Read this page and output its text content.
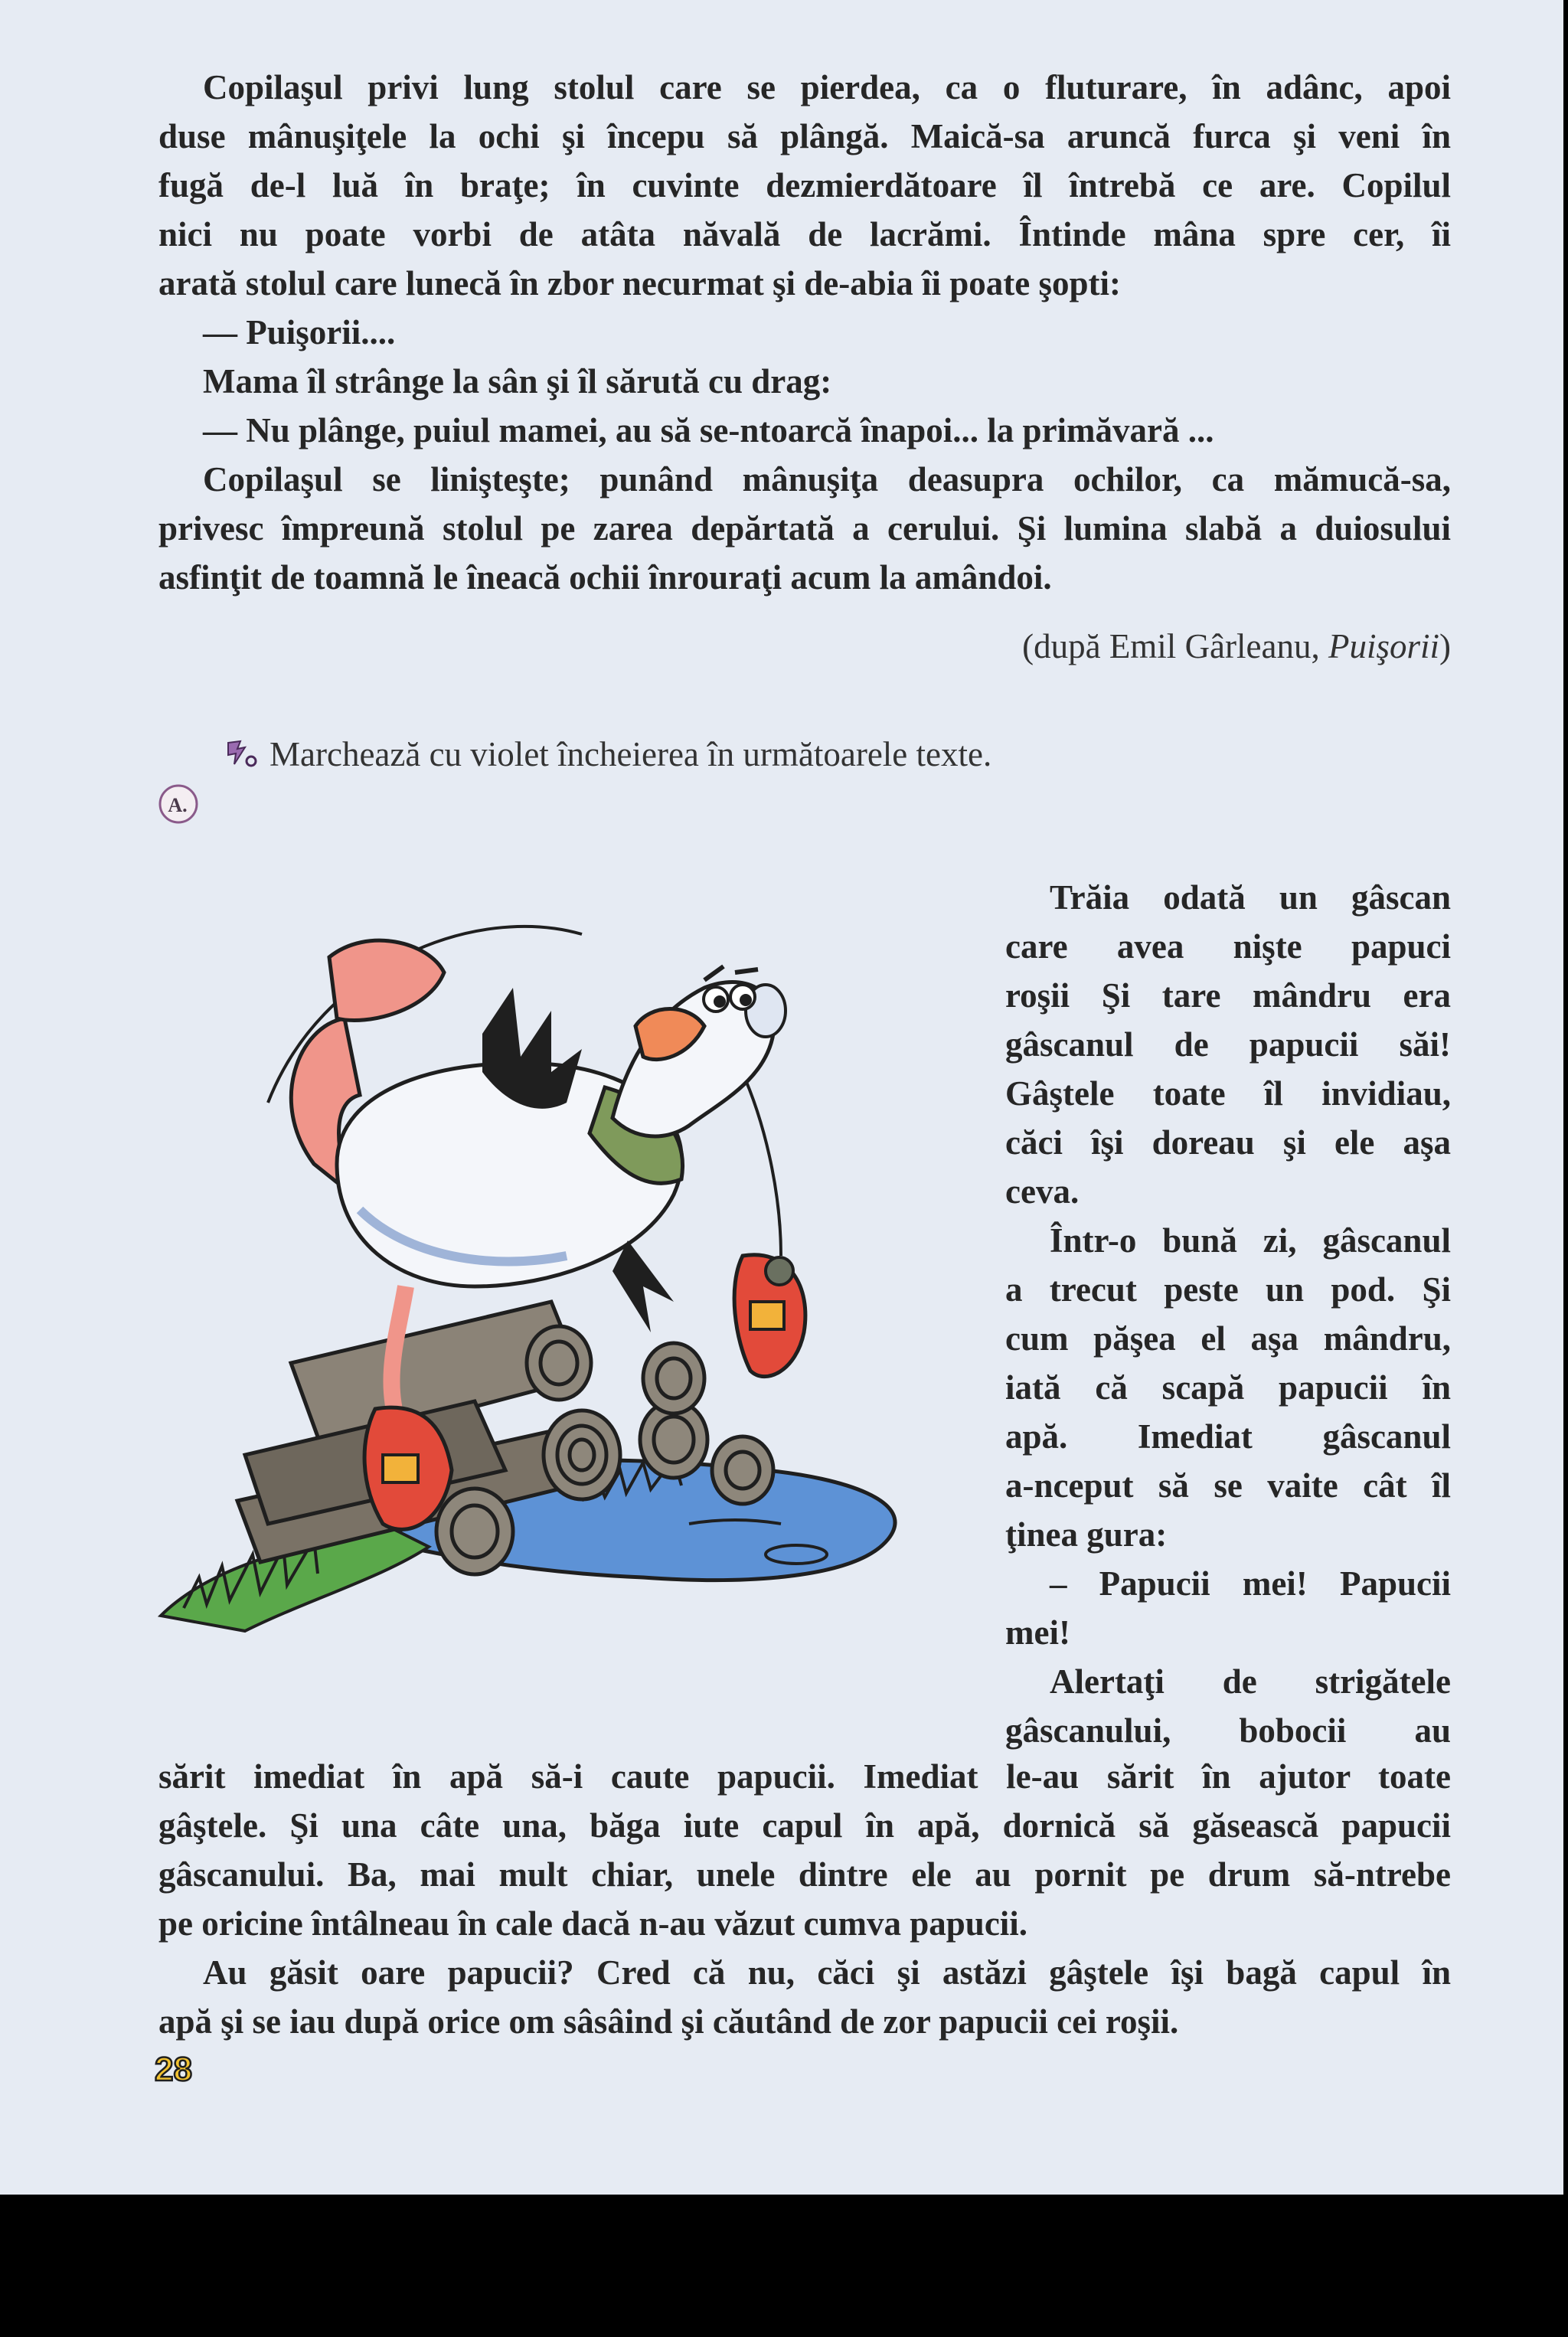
Copilaşul privi lung stolul care se pierdea, ca o fluturare, în adânc, apoi
duse mânuşiţele la ochi şi începu să plângă. Maică-sa aruncă furca şi veni în
fugă de-l luă în braţe; în cuvinte dezmierdătoare îl întrebă ce are. Copilul
nici nu poate vorbi de atâta năvală de lacrămi. Întinde mâna spre cer, îi
arată stolul care lunecă în zbor necurmat şi de-abia îi poate şopti:
— Puişorii....
Mama îl strânge la sân şi îl sărută cu drag:
— Nu plânge, puiul mamei, au să se-ntoarcă înapoi... la primăvară ...
Copilaşul se linişteşte; punând mânuşiţa deasupra ochilor, ca mămucă-sa,
privesc împreună stolul pe zarea depărtată a cerului. Şi lumina slabă a duiosului
asfinţit de toamnă le îneacă ochii înrouraţi acum la amândoi.
(după Emil Gârleanu, Puişorii)
A.
Marchează cu violet încheierea în următoarele texte.
Trăia odată un gâscan
care avea nişte papuci
roşii Şi tare mândru era
gâscanul de papucii săi!
Gâştele toate îl invidiau,
căci îşi doreau şi ele aşa
ceva.
Într-o bună zi, gâscanul
a trecut peste un pod. Şi
cum păşea el aşa mândru,
iată că scapă papucii în
apă. Imediat gâscanul
a-nceput să se vaite cât îl
ţinea gura:
– Papucii mei! Papucii
mei!
Alertaţi de strigătele
gâscanului, bobocii au
sărit imediat în apă să-i caute papucii. Imediat le-au sărit în ajutor toate
gâştele. Şi una câte una, băga iute capul în apă, dornică să găsească papucii
gâscanului. Ba, mai mult chiar, unele dintre ele au pornit pe drum să-ntrebe
pe oricine întâlneau în cale dacă n-au văzut cumva papucii.
Au găsit oare papucii? Cred că nu, căci şi astăzi gâştele îşi bagă capul în
apă şi se iau după orice om sâsâind şi căutând de zor papucii cei roşii.
28
